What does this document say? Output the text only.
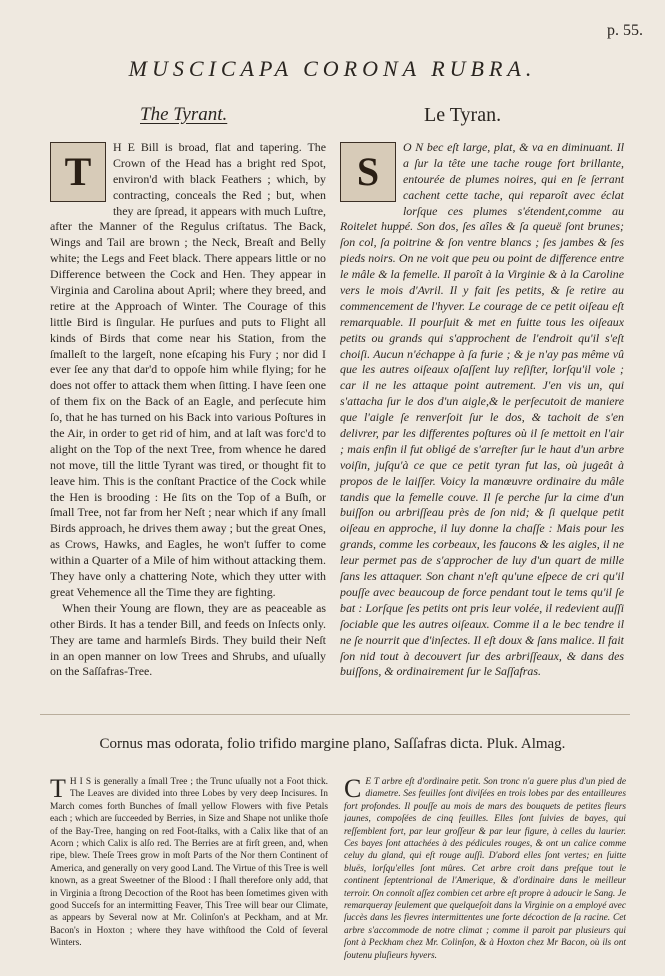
p. 55.
MUSCICAPA CORONA RUBRA.
The Tyrant.	Le Tyran.
T

H E Bill is broad, flat and tapering. The Crown of the Head has a bright red Spot, environ'd with black Feathers ; which, by contracting, conceals the Red ; but, when they are ſpread, it appears with much Luſtre, after the Manner of the Regulus criſtatus. The Back, Wings and Tail are brown ; the Neck, Breaſt and Belly white; the Legs and Feet black. There appears little or no Difference between the Cock and Hen. They appear in Virginia and Carolina about April; where they breed, and retire at the Approach of Winter. The Courage of this little Bird is ſingular. He purſues and puts to Flight all kinds of Birds that come near his Station, from the ſmalleſt to the largeſt, none eſcaping his Fury ; nor did I ever ſee any that dar'd to oppoſe him while flying; for he does not offer to attack them when ſitting. I have ſeen one of them fix on the Back of an Eagle, and perſecute him ſo, that he has turned on his Back into various Poſtures in the Air, in order to get rid of him, and at laſt was forc'd to alight on the Top of the next Tree, from whence he dared not move, till the little Tyrant was tired, or thought fit to leave him. This is the conſtant Practice of the Cock while the Hen is brooding : He ſits on the Top of a Buſh, or ſmall Tree, not far from her Neſt ; near which if any ſmall Birds approach, he drives them away ; but the great Ones, as Crows, Hawks, and Eagles, he won't ſuffer to come within a Quarter of a Mile of him without attacking them. They have only a chattering Note, which they utter with great Vehemence all the Time they are fighting.

When their Young are flown, they are as peaceable as other Birds. It has a tender Bill, and feeds on Inſects only. They are tame and harmleſs Birds. They build their Neſt in an open manner on low Trees and Shrubs, and uſually on the Saſſafras-Tree.

S

O N bec eſt large, plat, & va en diminuant. Il a ſur la tête une tache rouge fort brillante, entourée de plumes noires, qui en ſe ſerrant cachent cette tache, qui reparoît avec éclat lorſque ces plumes s'étendent,comme au Roitelet huppé. Son dos, ſes aîles & ſa queuë ſont brunes; ſon col, ſa poitrine & ſon ventre blancs ; ſes jambes & ſes pieds noirs. On ne voit que peu ou point de difference entre le mâle & la femelle. Il paroît à la Virginie & à la Caroline vers le mois d'Avril. Il y fait ſes petits, & ſe retire au commencement de l'hyver. Le courage de ce petit oiſeau eſt remarquable. Il pourſuit & met en fuitte tous les oiſeaux petits ou grands qui s'approchent de l'endroit qu'il s'eſt choiſi. Aucun n'échappe à ſa furie ; & je n'ay pas même vû que les autres oiſeaux oſaſſent luy reſiſter, lorſqu'il vole ; car il ne les attaque point autrement. J'en vis un, qui s'attacha ſur le dos d'un aigle,& le perſecutoit de maniere que l'aigle ſe renverſoit ſur le dos, & tachoit de s'en delivrer, par les differentes poſtures où il ſe mettoit en l'air ; mais enfin il fut obligé de s'arreſter ſur le haut d'un arbre voiſin, juſqu'à ce que ce petit tyran fut las, où jugeât à propos de le laiſſer. Voicy la manœuvre ordinaire du mâle tandis que la femelle couve. Il ſe perche ſur la cime d'un buiſſon ou arbriſſeau près de ſon nid; & ſi quelque petit oiſeau en approche, il luy donne la chaſſe : Mais pour les grands, comme les corbeaux, les faucons & les aigles, il ne leur permet pas de s'approcher de luy d'un quart de mille ſans les attaquer. Son chant n'eſt qu'une eſpece de cri qu'il pouſſe avec beaucoup de force pendant tout le tems qu'il ſe bat : Lorſque ſes petits ont pris leur volée, il redevient auſſi ſociable que les autres oiſeaux. Comme il a le bec tendre il ne ſe nourrit que d'inſectes. Il eſt doux & ſans malice. Il fait ſon nid tout à decouvert ſur des arbriſſeaux, & dans des buiſſons, & ordinairement ſur le Saſſafras.

Cornus mas odorata, folio trifido margine plano, Saſſafras dicta. Pluk. Almag.
T H I S is generally a ſmall Tree ; the Trunc uſually not a Foot thick. The Leaves are divided into three Lobes by very deep Incisures. In March comes forth Bunches of ſmall yellow Flowers with five Petals each ; which are ſucceeded by Berries, in Size and Shape not unlike thoſe of the Bay-Tree, hanging on red Foot-ſtalks, with a Calix like that of an Acorn ; which Calix is alſo red. The Berries are at firſt green, and, when ripe, blew. Theſe Trees grow in moſt Parts of the Nor thern Continent of America, and generally on very good Land. The Virtue of this Tree is well known, as a great Sweetner of the Blood : I ſhall therefore only add, that in Virginia a ſtrong Decoction of the Root has been ſometimes given with good Succeſs for an intermitting Feaver, This Tree will bear our Climate, as appears by Several now at Mr. Colinſon's at Peckham, and at Mr. Bacon's in Hoxton ; where they have withſtood the Cold of ſeveral Winters.
C E T arbre eſt d'ordinaire petit. Son tronc n'a guere plus d'un pied de diametre. Ses feuilles ſont diviſées en trois lobes par des entailleures fort profondes. Il pouſſe au mois de mars des bouquets de petites fleurs jaunes, compoſées de cinq feuilles. Elles ſont ſuivies de bayes, qui reſſemblent fort, par leur groſſeur & par leur figure, à celles du laurier. Ces bayes ſont attachées à des pédicules rouges, & ont un calice comme celuy du gland, qui eſt rouge auſſi. D'abord elles ſont vertes; en ſuitte bluës, lorſqu'elles ſont mûres. Cet arbre croit dans preſque tout le continent ſeptentrional de l'Amerique, & d'ordinaire dans le meilleur terroir. On connoît aſſez combien cet arbre eſt propre à adoucir le Sang. Je remarqueray ſeulement que quelqueſoit dans la Virginie on a employé avec ſuccès dans les fievres intermittentes une forte décoction de ſa racine. Cet arbre s'accommode de notre climat ; comme il paroit par plusieurs qui ſont à Peckham chez Mr. Colinſon, & à Hoxton chez Mr Bacon, où ils ont ſoutenu pluſieurs hyvers.
